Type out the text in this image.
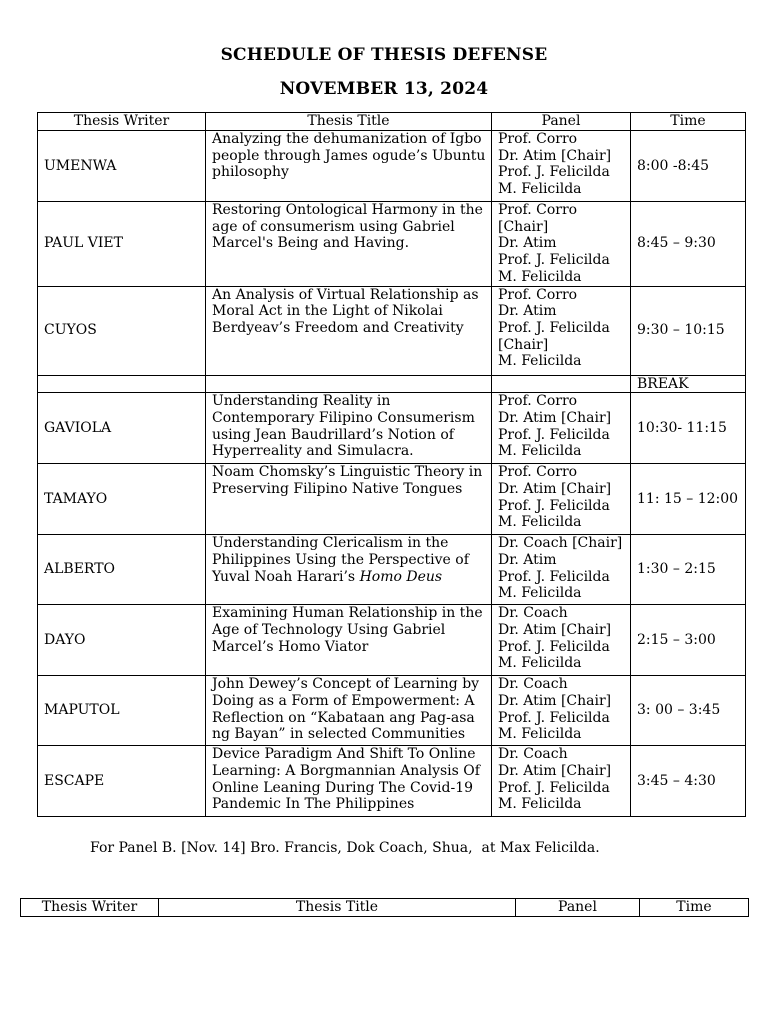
SCHEDULE OF THESIS DEFENSE
NOVEMBER 13, 2024
Thesis Writer	Thesis Title	Panel	Time
UMENWA	Analyzing the dehumanization of Igbo
people through James ogude’s Ubuntu
philosophy	Prof. Corro
Dr. Atim [Chair]
Prof. J. Felicilda
M. Felicilda	8:00 -8:45
PAUL VIET	Restoring Ontological Harmony in the
age of consumerism using Gabriel
Marcel's Being and Having.	Prof. Corro
[Chair]
Dr. Atim
Prof. J. Felicilda
M. Felicilda	8:45 – 9:30
CUYOS	An Analysis of Virtual Relationship as
Moral Act in the Light of Nikolai
Berdyeav’s Freedom and Creativity	Prof. Corro
Dr. Atim
Prof. J. Felicilda
[Chair]
M. Felicilda	9:30 – 10:15
			BREAK
GAVIOLA	Understanding Reality in
Contemporary Filipino Consumerism
using Jean Baudrillard’s Notion of
Hyperreality and Simulacra.	Prof. Corro
Dr. Atim [Chair]
Prof. J. Felicilda
M. Felicilda	10:30- 11:15
TAMAYO	Noam Chomsky’s Linguistic Theory in
Preserving Filipino Native Tongues	Prof. Corro
Dr. Atim [Chair]
Prof. J. Felicilda
M. Felicilda	11: 15 – 12:00
ALBERTO	Understanding Clericalism in the
Philippines Using the Perspective of
Yuval Noah Harari’s Homo Deus	Dr. Coach [Chair]
Dr. Atim
Prof. J. Felicilda
M. Felicilda	1:30 – 2:15
DAYO	Examining Human Relationship in the
Age of Technology Using Gabriel
Marcel’s Homo Viator	Dr. Coach
Dr. Atim [Chair]
Prof. J. Felicilda
M. Felicilda	2:15 – 3:00
MAPUTOL	John Dewey’s Concept of Learning by
Doing as a Form of Empowerment: A
Reflection on “Kabataan ang Pag-asa
ng Bayan” in selected Communities	Dr. Coach
Dr. Atim [Chair]
Prof. J. Felicilda
M. Felicilda	3: 00 – 3:45
ESCAPE	Device Paradigm And Shift To Online
Learning: A Borgmannian Analysis Of
Online Leaning During The Covid-19
Pandemic In The Philippines	Dr. Coach
Dr. Atim [Chair]
Prof. J. Felicilda
M. Felicilda	3:45 – 4:30
For Panel B. [Nov. 14] Bro. Francis, Dok Coach, Shua,  at Max Felicilda.
Thesis Writer	Thesis Title	Panel	Time
